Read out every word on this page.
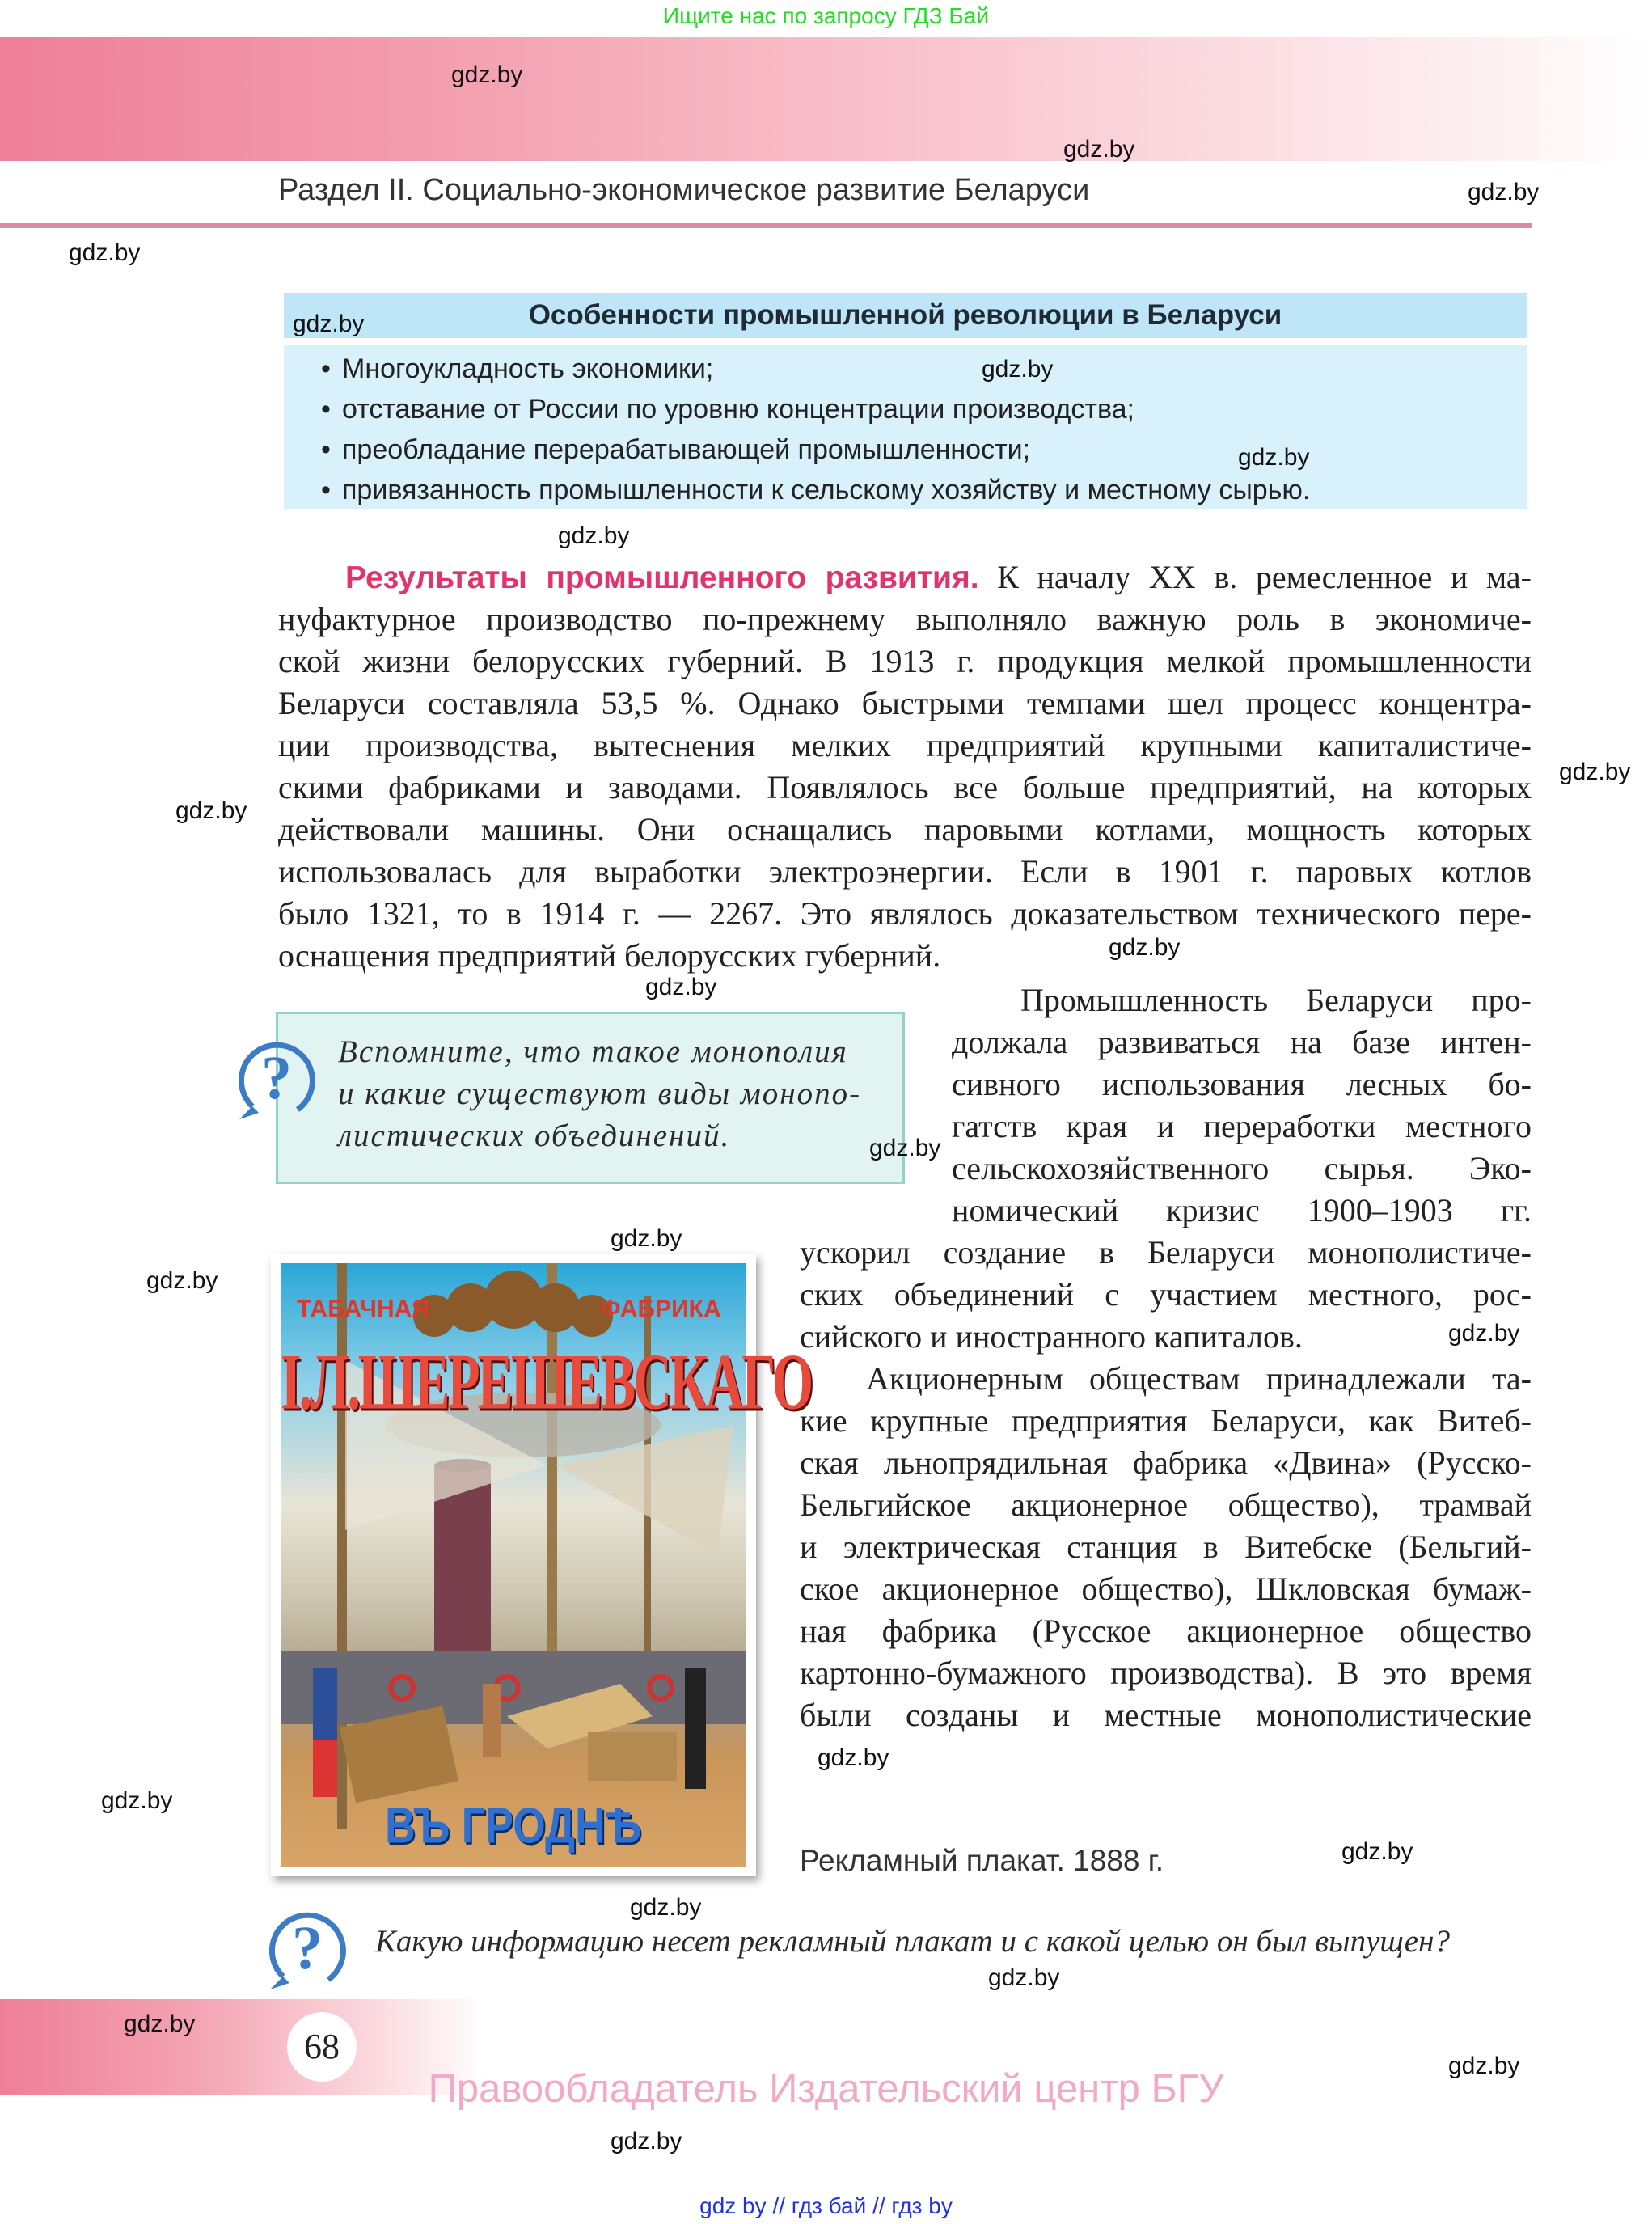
Ищите нас по запросу ГДЗ Бай
Раздел II. Социально-экономическое развитие Беларуси
Особенности промышленной революции в Беларуси
• Многоукладность экономики;
• отставание от России по уровню концентрации производства;
• преобладание перерабатывающей промышленности;
• привязанность промышленности к сельскому хозяйству и местному сырью.
Результаты промышленного развития. К началу XX в. ремесленное и ма-
нуфактурное производство по-прежнему выполняло важную роль в экономиче-
ской жизни белорусских губерний. В 1913 г. продукция мелкой промышленности
Беларуси составляла 53,5 %. Однако быстрыми темпами шел процесс концентра-
ции производства, вытеснения мелких предприятий крупными капиталистиче-
скими фабриками и заводами. Появлялось все больше предприятий, на которых
действовали машины. Они оснащались паровыми котлами, мощность которых
использовалась для выработки электроэнергии. Если в 1901 г. паровых котлов
было 1321, то в 1914 г. — 2267. Это являлось доказательством технического пере-
оснащения предприятий белорусских губерний.
Вспомните, что такое монополия
и какие существуют виды монопо-
листических объединений.
?
Промышленность Беларуси про-
должала развиваться на базе интен-
сивного использования лесных бо-
гатств края и переработки местного
сельскохозяйственного сырья. Эко-
номический кризис 1900–1903 гг.
ускорил создание в Беларуси монополистиче-
ских объединений с участием местного, рос-
сийского и иностранного капиталов.
Акционерным обществам принадлежали та-
кие крупные предприятия Беларуси, как Витеб-
ская льнопрядильная фабрика «Двина» (Русско-
Бельгийское акционерное общество), трамвай
и электрическая станция в Витебске (Бельгий-
ское акционерное общество), Шкловская бумаж-
ная фабрика (Русское акционерное общество
картонно-бумажного производства). В это время
были созданы и местные монополистические
ТАБАЧНАЯ	ФАБРИКА
I.Л.ШЕРЕШЕВСКАГО
ВЪ ГРОДНѢ
Рекламный плакат. 1888 г.
? Какую информацию несет рекламный плакат и с какой целью он был выпущен?
68
Правообладатель Издательский центр БГУ
gdz by // гдз бай // гдз by
gdz.by
gdz.by
gdz.by
gdz.by
gdz.by
gdz.by
gdz.by
gdz.by
gdz.by
gdz.by
gdz.by
gdz.by
gdz.by
gdz.by
gdz.by
gdz.by
gdz.by
gdz.by
gdz.by
gdz.by
gdz.by
gdz.by
gdz.by
gdz.by
